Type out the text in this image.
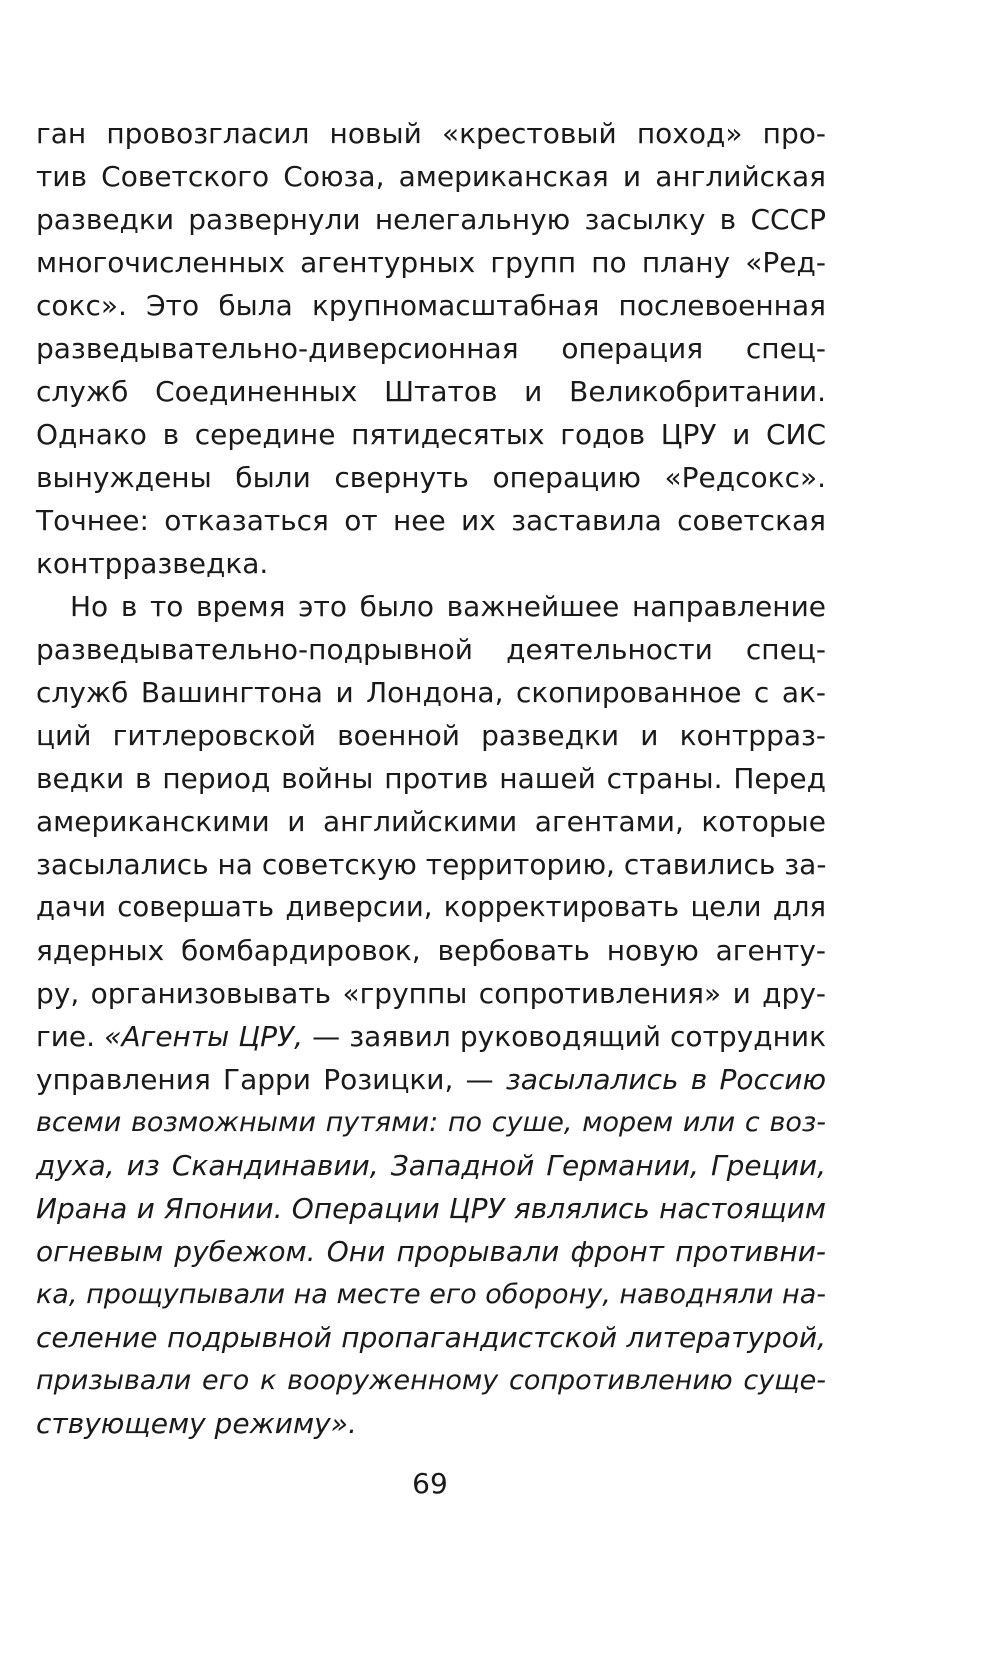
ган провозгласил новый «крестовый поход» про-
тив Советского Союза, американская и английская
разведки развернули нелегальную засылку в СССР
многочисленных агентурных групп по плану «Ред-
сокс». Это была крупномасштабная послевоенная
разведывательно-диверсионная операция спец-
служб Соединенных Штатов и Великобритании.
Однако в середине пятидесятых годов ЦРУ и СИС
вынуждены были свернуть операцию «Редсокс».
Точнее: отказаться от нее их заставила советская
контрразведка.
Но в то время это было важнейшее направление
разведывательно-подрывной деятельности спец-
служб Вашингтона и Лондона, скопированное с ак-
ций гитлеровской военной разведки и контрраз-
ведки в период войны против нашей страны. Перед
американскими и английскими агентами, которые
засылались на советскую территорию, ставились за-
дачи совершать диверсии, корректировать цели для
ядерных бомбардировок, вербовать новую агенту-
ру, организовывать «группы сопротивления» и дру-
гие. «Агенты ЦРУ, — заявил руководящий сотрудник
управления Гарри Розицки, — засылались в Россию
всеми возможными путями: по суше, морем или с воз-
духа, из Скандинавии, Западной Германии, Греции,
Ирана и Японии. Операции ЦРУ являлись настоящим
огневым рубежом. Они прорывали фронт противни-
ка, прощупывали на месте его оборону, наводняли на-
селение подрывной пропагандистской литературой,
призывали его к вооруженному сопротивлению суще-
ствующему режиму».
69
